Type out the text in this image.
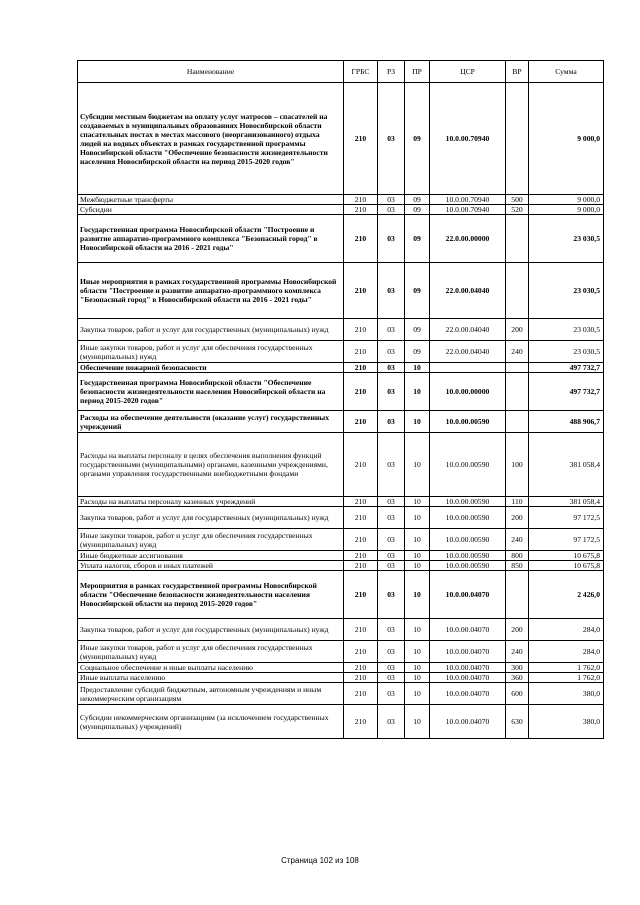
Наименование	ГРБС	РЗ	ПР	ЦСР	ВР	Сумма
Субсидии местным бюджетам на оплату услуг матросов – спасателей на создаваемых в муниципальных образованиях Новосибирской области спасательных постах в местах массового (неорганизованного) отдыха людей на водных объектах в рамках государственной программы Новосибирской области "Обеспечение безопасности жизнедеятельности населения Новосибирской области на период 2015-2020 годов"	210	03	09	10.0.00.70940		9 000,0
Межбюджетные трансферты	210	03	09	10.0.00.70940	500	9 000,0
Субсидии	210	03	09	10.0.00.70940	520	9 000,0
Государственная программа Новосибирской области "Построение и развитие аппаратно-программного комплекса "Безопасный город" в Новосибирской области на 2016 - 2021 годы"	210	03	09	22.0.00.00000		23 030,5
Иные мероприятия в рамках государственной программы Новосибирской области "Построение и развитие аппаратно-программного комплекса "Безопасный город" в Новосибирской области на 2016 - 2021 годы"	210	03	09	22.0.00.04040		23 030,5
Закупка товаров, работ и услуг для государственных (муниципальных) нужд	210	03	09	22.0.00.04040	200	23 030,5
Иные закупки товаров, работ и услуг для обеспечения государственных (муниципальных) нужд	210	03	09	22.0.00.04040	240	23 030,5
Обеспечение пожарной безопасности	210	03	10			497 732,7
Государственная программа Новосибирской области "Обеспечение безопасности жизнедеятельности населения Новосибирской области на период 2015-2020 годов"	210	03	10	10.0.00.00000		497 732,7
Расходы на обеспечение деятельности (оказание услуг) государственных учреждений	210	03	10	10.0.00.00590		488 906,7
Расходы на выплаты персоналу в целях обеспечения выполнения функций государственными (муниципальными) органами, казенными учреждениями, органами управления государственными внебюджетными фондами	210	03	10	10.0.00.00590	100	381 058,4
Расходы на выплаты персоналу казенных учреждений	210	03	10	10.0.00.00590	110	381 058,4
Закупка товаров, работ и услуг для государственных (муниципальных) нужд	210	03	10	10.0.00.00590	200	97 172,5
Иные закупки товаров, работ и услуг для обеспечения государственных (муниципальных) нужд	210	03	10	10.0.00.00590	240	97 172,5
Иные бюджетные ассигнования	210	03	10	10.0.00.00590	800	10 675,8
Уплата налогов, сборов и иных платежей	210	03	10	10.0.00.00590	850	10 675,8
Мероприятия в рамках государственной программы Новосибирской области "Обеспечение безопасности жизнедеятельности населения Новосибирской области на период 2015-2020 годов"	210	03	10	10.0.00.04070		2 426,0
Закупка товаров, работ и услуг для государственных (муниципальных) нужд	210	03	10	10.0.00.04070	200	284,0
Иные закупки товаров, работ и услуг для обеспечения государственных (муниципальных) нужд	210	03	10	10.0.00.04070	240	284,0
Социальное обеспечение и иные выплаты населению	210	03	10	10.0.00.04070	300	1 762,0
Иные выплаты населению	210	03	10	10.0.00.04070	360	1 762,0
Предоставление субсидий бюджетным, автономным учреждениям и иным некоммерческим организациям	210	03	10	10.0.00.04070	600	380,0
Субсидии некоммерческим организациям (за исключением государственных (муниципальных) учреждений)	210	03	10	10.0.00.04070	630	380,0
Страница 102 из 108
